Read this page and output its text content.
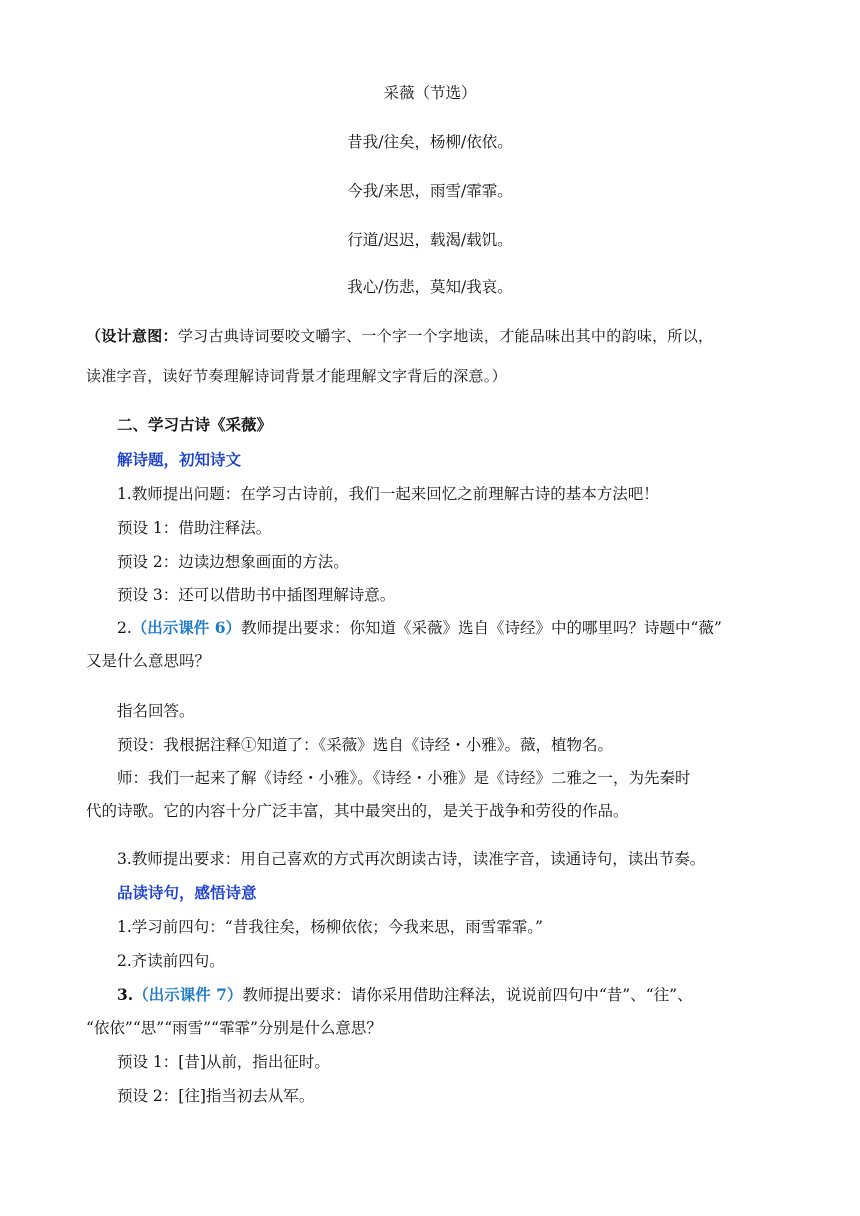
采薇（节选）
昔我/往矣，杨柳/依依。
今我/来思，雨雪/霏霏。
行道/迟迟，载渴/载饥。
我心/伤悲，莫知/我哀。
（设计意图：学习古典诗词要咬文嚼字、一个字一个字地读，才能品味出其中的韵味，所以，
读准字音，读好节奏理解诗词背景才能理解文字背后的深意。）
二、学习古诗《采薇》
解诗题，初知诗文
1.教师提出问题：在学习古诗前，我们一起来回忆之前理解古诗的基本方法吧！
预设 1：借助注释法。
预设 2：边读边想象画面的方法。
预设 3：还可以借助书中插图理解诗意。
2.（出示课件 6）教师提出要求：你知道《采薇》选自《诗经》中的哪里吗？诗题中“薇”
又是什么意思吗？
指名回答。
预设：我根据注释①知道了：《采薇》选自《诗经・小雅》。薇，植物名。
师：我们一起来了解《诗经・小雅》。《诗经・小雅》是《诗经》二雅之一，为先秦时
代的诗歌。它的内容十分广泛丰富，其中最突出的，是关于战争和劳役的作品。
3.教师提出要求：用自己喜欢的方式再次朗读古诗，读准字音，读通诗句，读出节奏。
品读诗句，感悟诗意
1.学习前四句：“昔我往矣，杨柳依依；今我来思，雨雪霏霏。”
2.齐读前四句。
3.（出示课件 7）教师提出要求：请你采用借助注释法，说说前四句中“昔”、“往”、
“依依”“思”“雨雪”“霏霏”分别是什么意思？
预设 1：[昔]从前，指出征时。
预设 2：[往]指当初去从军。
